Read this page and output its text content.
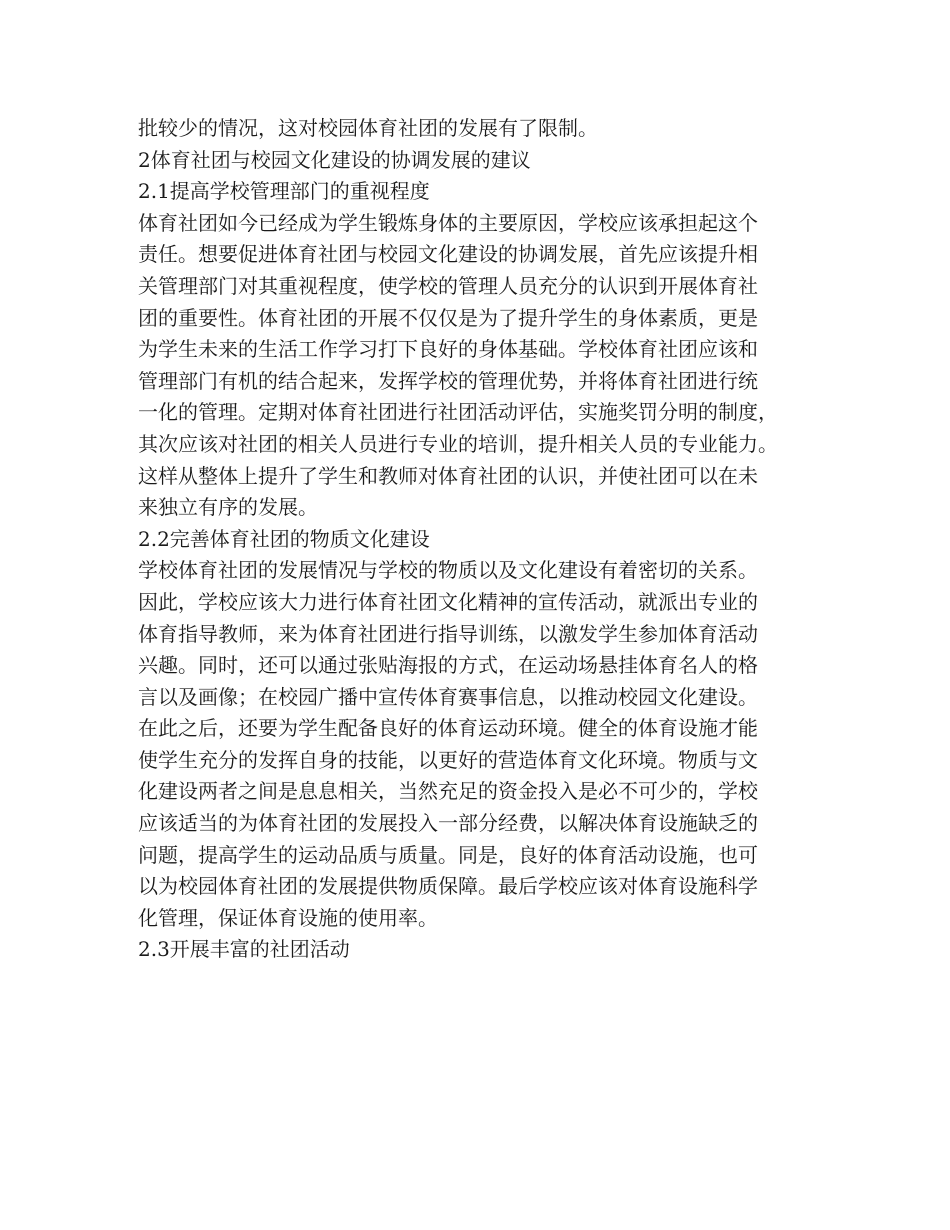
批较少的情况，这对校园体育社团的发展有了限制。
2体育社团与校园文化建设的协调发展的建议
2.1提高学校管理部门的重视程度
体育社团如今已经成为学生锻炼身体的主要原因，学校应该承担起这个
责任。想要促进体育社团与校园文化建设的协调发展，首先应该提升相
关管理部门对其重视程度，使学校的管理人员充分的认识到开展体育社
团的重要性。体育社团的开展不仅仅是为了提升学生的身体素质，更是
为学生未来的生活工作学习打下良好的身体基础。学校体育社团应该和
管理部门有机的结合起来，发挥学校的管理优势，并将体育社团进行统
一化的管理。定期对体育社团进行社团活动评估，实施奖罚分明的制度，
其次应该对社团的相关人员进行专业的培训，提升相关人员的专业能力。
这样从整体上提升了学生和教师对体育社团的认识，并使社团可以在未
来独立有序的发展。
2.2完善体育社团的物质文化建设
学校体育社团的发展情况与学校的物质以及文化建设有着密切的关系。
因此，学校应该大力进行体育社团文化精神的宣传活动，就派出专业的
体育指导教师，来为体育社团进行指导训练，以激发学生参加体育活动
兴趣。同时，还可以通过张贴海报的方式，在运动场悬挂体育名人的格
言以及画像；在校园广播中宣传体育赛事信息，以推动校园文化建设。
在此之后，还要为学生配备良好的体育运动环境。健全的体育设施才能
使学生充分的发挥自身的技能，以更好的营造体育文化环境。物质与文
化建设两者之间是息息相关，当然充足的资金投入是必不可少的，学校
应该适当的为体育社团的发展投入一部分经费，以解决体育设施缺乏的
问题，提高学生的运动品质与质量。同是，良好的体育活动设施，也可
以为校园体育社团的发展提供物质保障。最后学校应该对体育设施科学
化管理，保证体育设施的使用率。
2.3开展丰富的社团活动
